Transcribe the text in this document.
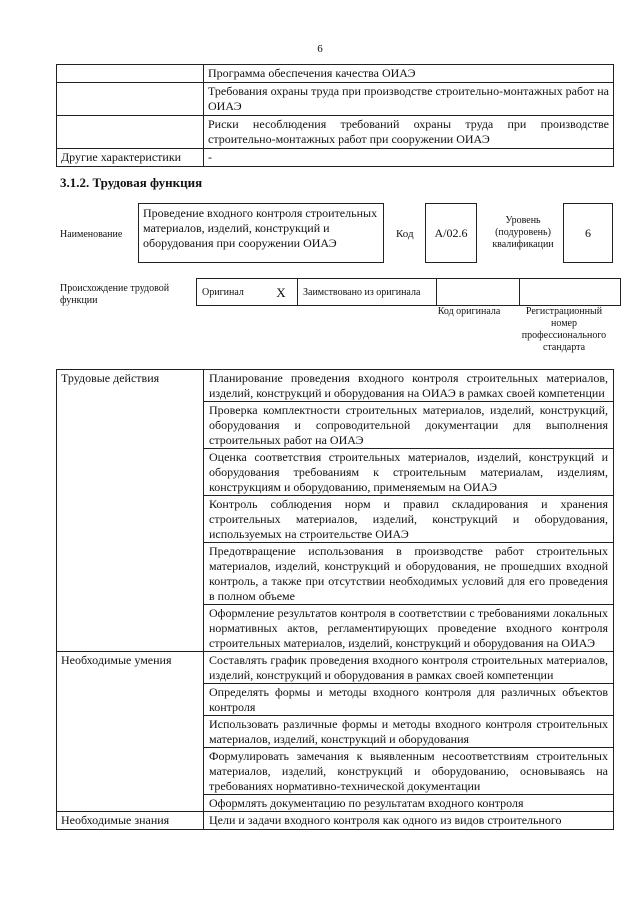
6
	Программа обеспечения качества ОИАЭ
	Требования охраны труда при производстве строительно-монтажных работ на ОИАЭ
	Риски несоблюдения требований охраны труда при производстве строительно-монтажных работ при сооружении ОИАЭ
Другие характеристики	-
3.1.2. Трудовая функция
Наименование
Проведение входного контроля строительных материалов, изделий, конструкций и оборудования при сооружении ОИАЭ
Код	A/02.6
Уровень (подуровень) квалификации
6
Происхождение трудовой функции
Оригинал	X	Заимствовано из оригинала		
Код оригинала	Регистрационный номер профессионального стандарта
Трудовые действия	Планирование проведения входного контроля строительных материалов, изделий, конструкций и оборудования на ОИАЭ в рамках своей компетенции
	Проверка комплектности строительных материалов, изделий, конструкций, оборудования и сопроводительной документации для выполнения строительных работ на ОИАЭ
	Оценка соответствия строительных материалов, изделий, конструкций и оборудования требованиям к строительным материалам, изделиям, конструкциям и оборудованию, применяемым на ОИАЭ
	Контроль соблюдения норм и правил складирования и хранения строительных материалов, изделий, конструкций и оборудования, используемых на строительстве ОИАЭ
	Предотвращение использования в производстве работ строительных материалов, изделий, конструкций и оборудования, не прошедших входной контроль, а также при отсутствии необходимых условий для его проведения в полном объеме
	Оформление результатов контроля в соответствии с требованиями локальных нормативных актов, регламентирующих проведение входного контроля строительных материалов, изделий, конструкций и оборудования на ОИАЭ
Необходимые умения	Составлять график проведения входного контроля строительных материалов, изделий, конструкций и оборудования в рамках своей компетенции
	Определять формы и методы входного контроля для различных объектов контроля
	Использовать различные формы и методы входного контроля строительных материалов, изделий, конструкций и оборудования
	Формулировать замечания к выявленным несоответствиям строительных материалов, изделий, конструкций и оборудованию, основываясь на требованиях нормативно-технической документации
	Оформлять документацию по результатам входного контроля
Необходимые знания	Цели и задачи входного контроля как одного из видов строительного
